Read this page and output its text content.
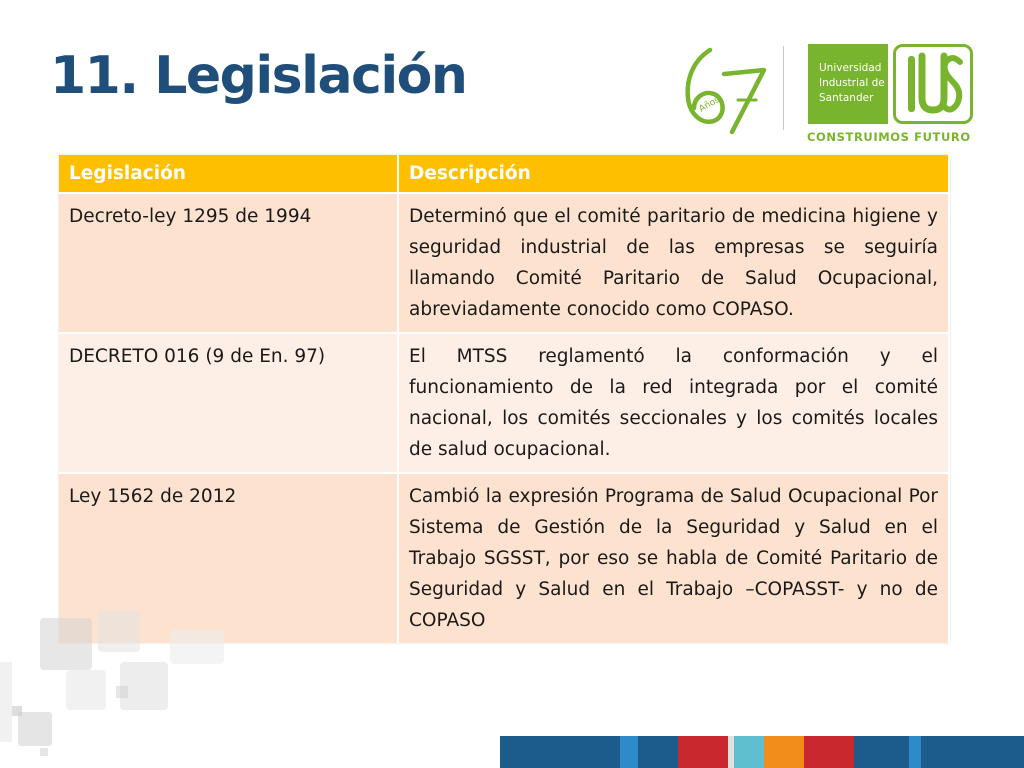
11. Legislación	Años
Universidad
Industrial de
Santander
CONSTRUIMOS FUTURO
Legislación	Descripción
Decreto-ley 1295 de 1994	Determinó que el comité paritario de medicina higiene y seguridad industrial de las empresas se seguiría llamando Comité Paritario de Salud Ocupacional, abreviadamente conocido como COPASO.
DECRETO 016 (9 de En. 97)	El MTSS reglamentó la conformación y el funcionamiento de la red integrada por el comité nacional, los comités seccionales y los comités locales de salud ocupacional.
Ley 1562 de 2012	Cambió la expresión Programa de Salud Ocupacional Por Sistema de Gestión de la Seguridad y Salud en el Trabajo SGSST, por eso se habla de Comité Paritario de Seguridad y Salud en el Trabajo –COPASST- y no de COPASO
